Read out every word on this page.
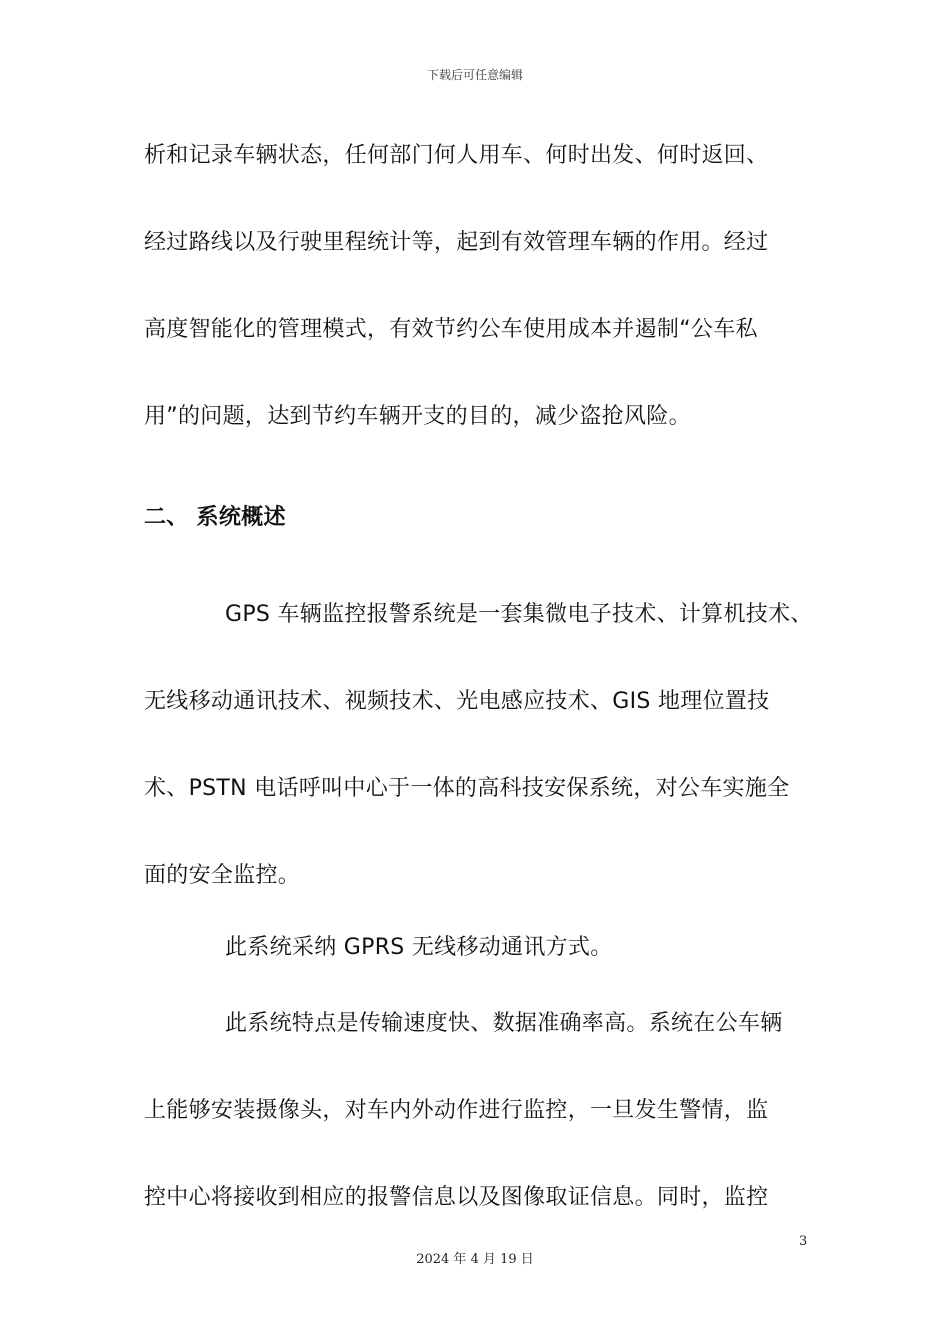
下载后可任意编辑
析和记录车辆状态，任何部门何人用车、何时出发、何时返回、
经过路线以及行驶里程统计等，起到有效管理车辆的作用。经过
高度智能化的管理模式，有效节约公车使用成本并遏制“公车私
用”的问题，达到节约车辆开支的目的，减少盗抢风险。
二、 系统概述
GPS 车辆监控报警系统是一套集微电子技术、计算机技术、
无线移动通讯技术、视频技术、光电感应技术、GIS 地理位置技
术、PSTN 电话呼叫中心于一体的高科技安保系统，对公车实施全
面的安全监控。
此系统采纳 GPRS 无线移动通讯方式。
此系统特点是传输速度快、数据准确率高。系统在公车辆
上能够安装摄像头，对车内外动作进行监控，一旦发生警情，监
控中心将接收到相应的报警信息以及图像取证信息。同时，监控
3
2024 年 4 月 19 日
